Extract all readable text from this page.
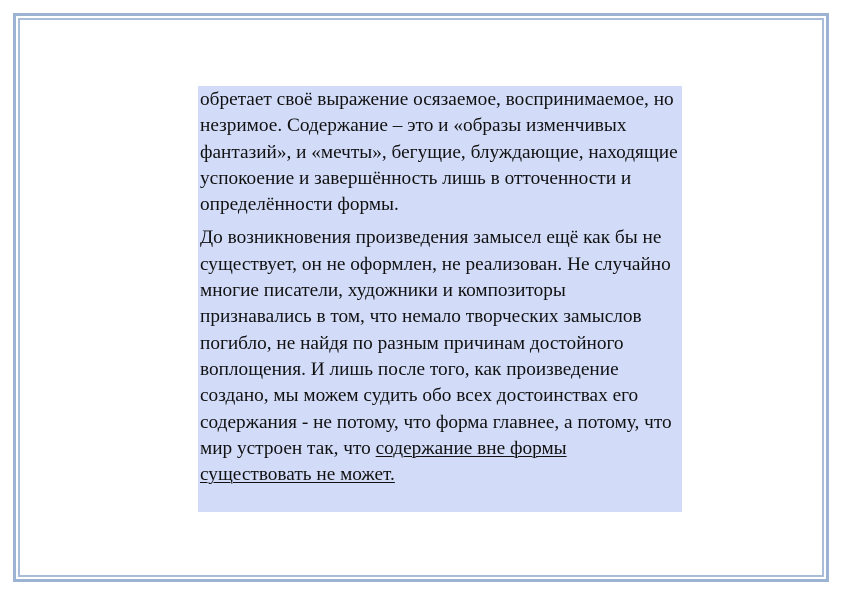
обретает своё выражение осязаемое, воспринимаемое, но незримое. Содержание – это и «образы изменчивых фантазий», и «мечты», бегущие, блуждающие, находящие успокоение и завершённость лишь в отточенности и определённости формы.

До возникновения произведения замысел ещё как бы не существует, он не оформлен, не реализован. Не случайно многие писатели, художники и композиторы признавались в том, что немало творческих замыслов погибло, не найдя по разным причинам достойного воплощения. И лишь после того, как произведение создано, мы можем судить обо всех достоинствах его содержания - не потому, что форма главнее, а потому, что мир устроен так, что содержание вне формы существовать не может.
